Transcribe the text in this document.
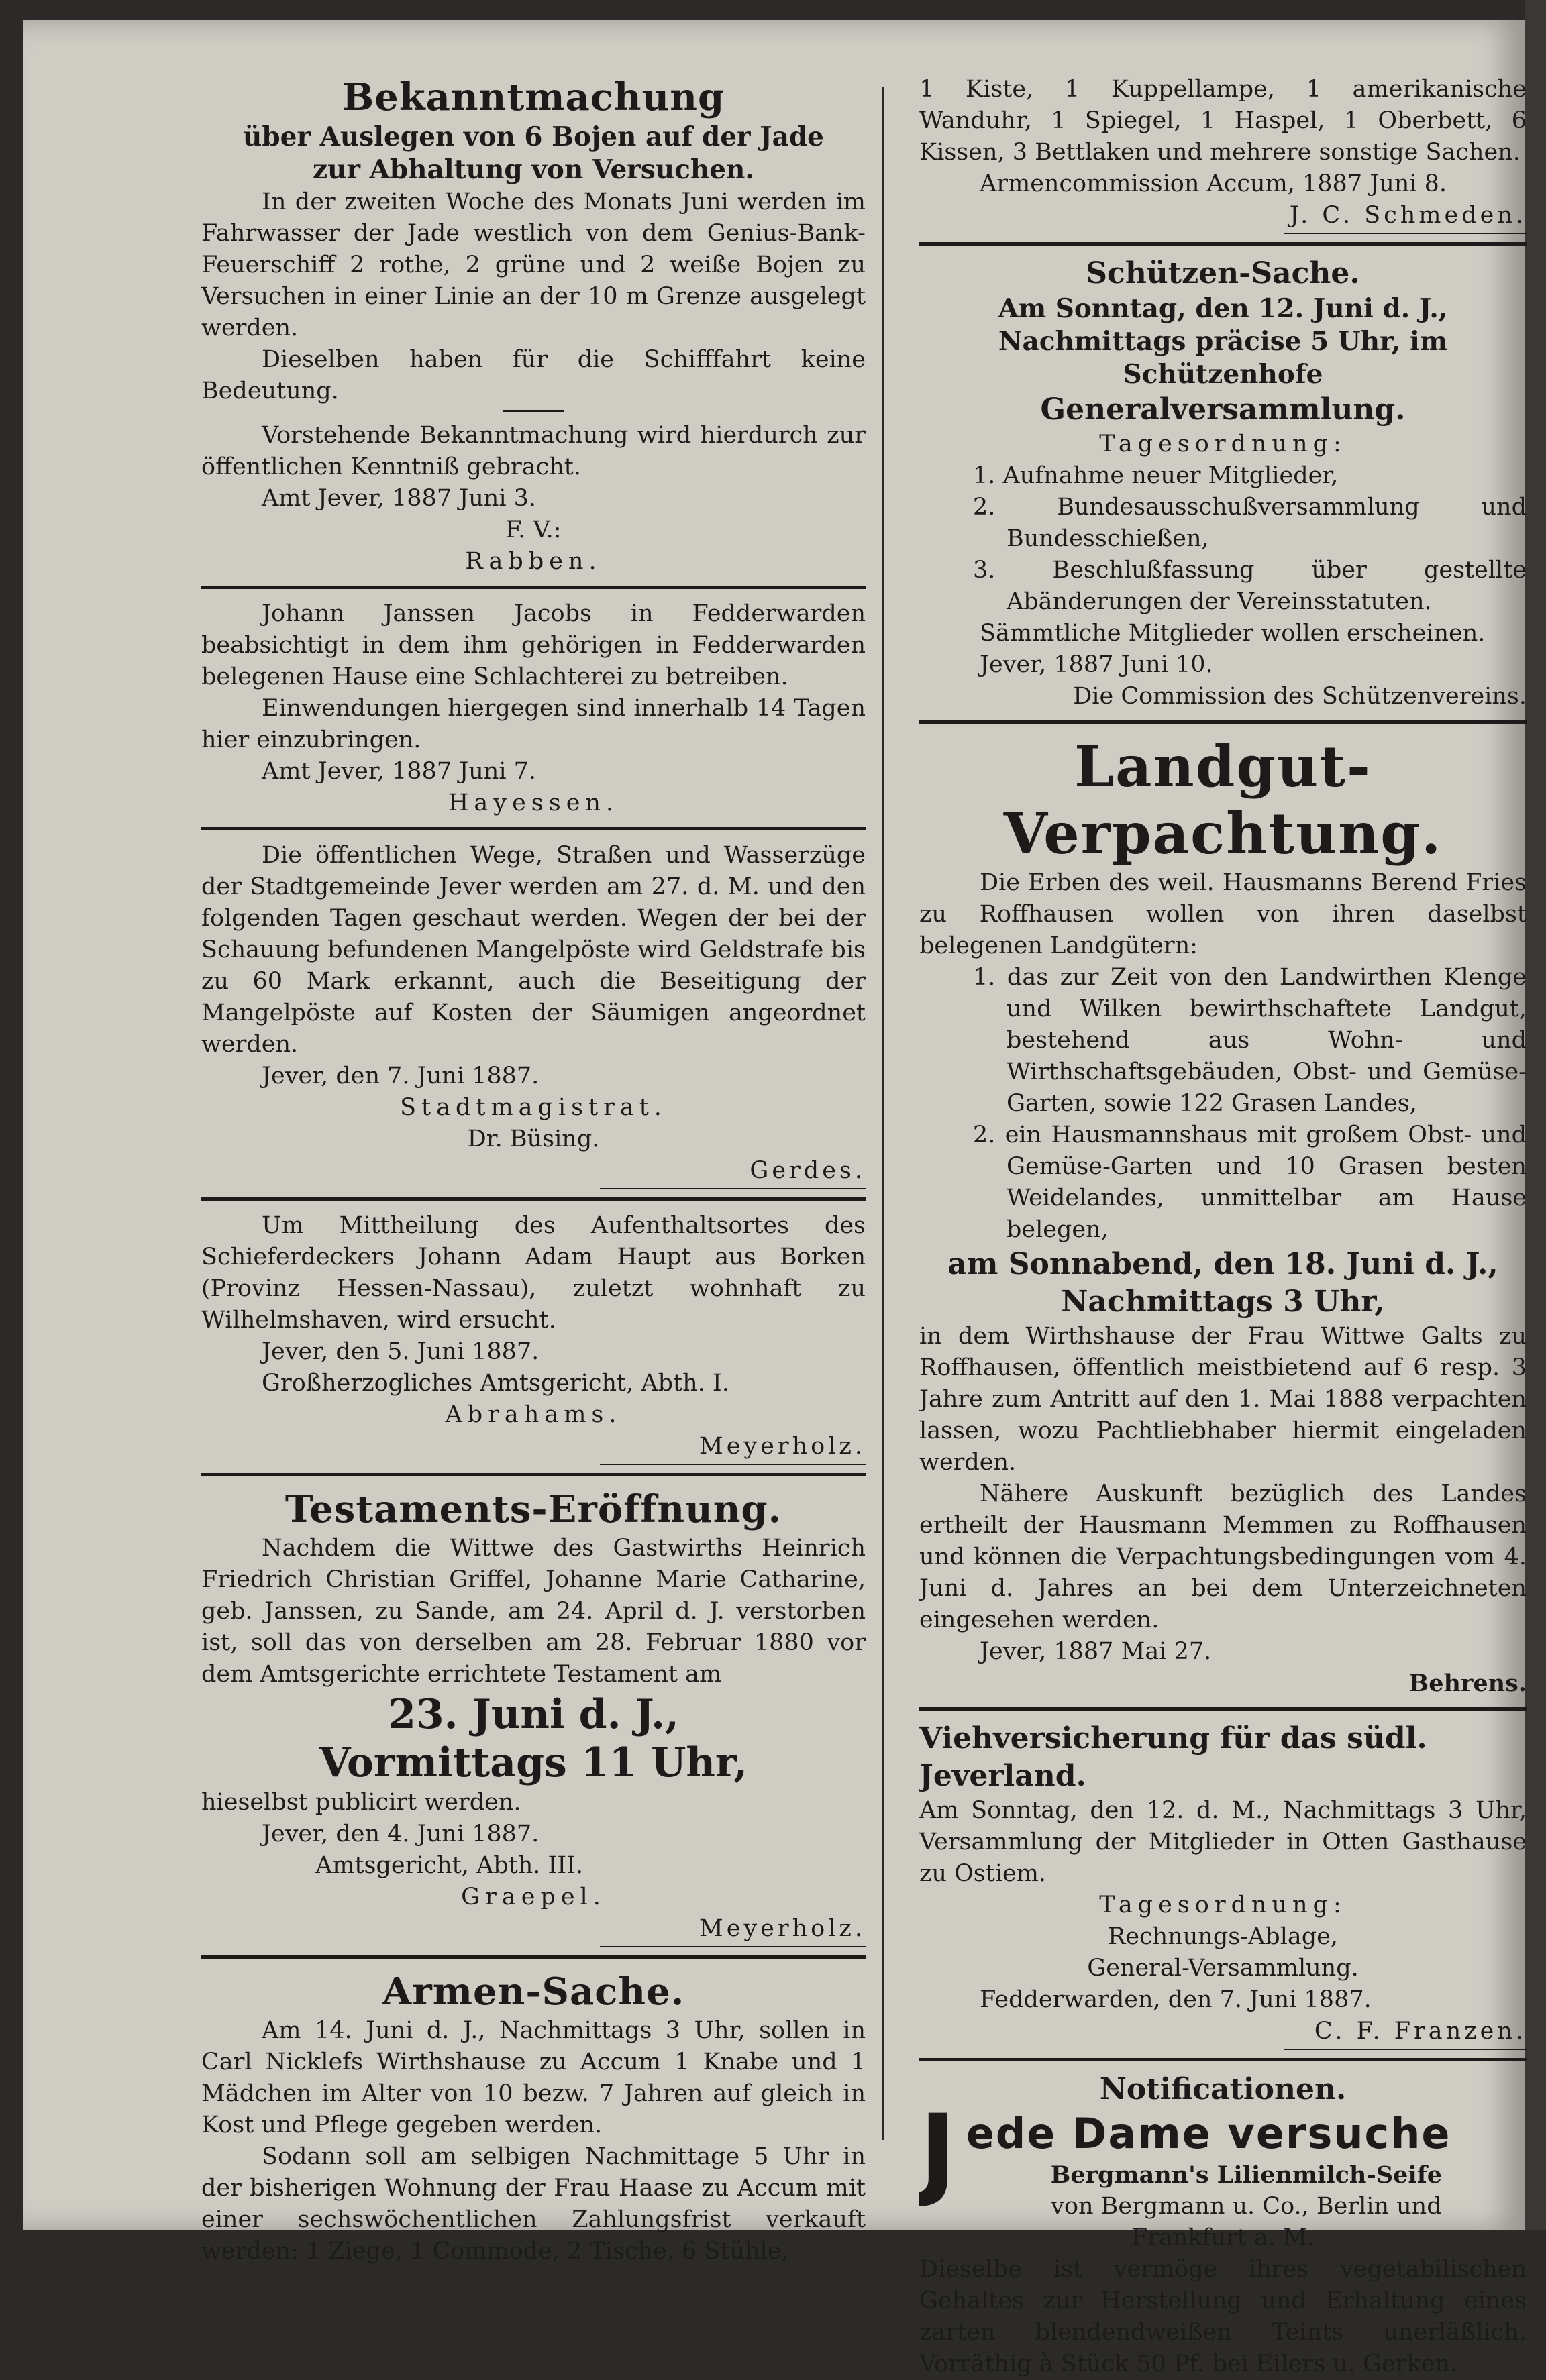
Bekanntmachung
über Auslegen von 6 Bojen auf der Jade
zur Abhaltung von Versuchen.
In der zweiten Woche des Monats Juni werden im Fahrwasser der Jade westlich von dem Genius-Bank-Feuerschiff 2 rothe, 2 grüne und 2 weiße Bojen zu Versuchen in einer Linie an der 10 m Grenze ausgelegt werden.
Dieselben haben für die Schifffahrt keine Bedeutung.
Vorstehende Bekanntmachung wird hierdurch zur öffentlichen Kenntniß gebracht.
Amt Jever, 1887 Juni 3.
F. V.:
Rabben.
Johann Janssen Jacobs in Fedderwarden beabsichtigt in dem ihm gehörigen in Fedderwarden belegenen Hause eine Schlachterei zu betreiben.
Einwendungen hiergegen sind innerhalb 14 Tagen hier einzubringen.
Amt Jever, 1887 Juni 7.
Hayessen.
Die öffentlichen Wege, Straßen und Wasserzüge der Stadtgemeinde Jever werden am 27. d. M. und den folgenden Tagen geschaut werden. Wegen der bei der Schauung befundenen Mangelpöste wird Geldstrafe bis zu 60 Mark erkannt, auch die Beseitigung der Mangelpöste auf Kosten der Säumigen angeordnet werden.
Jever, den 7. Juni 1887.
Stadtmagistrat.
Dr. Büsing.
Gerdes.
Um Mittheilung des Aufenthaltsortes des Schieferdeckers Johann Adam Haupt aus Borken (Provinz Hessen-Nassau), zuletzt wohnhaft zu Wilhelmshaven, wird ersucht.
Jever, den 5. Juni 1887.
Großherzogliches Amtsgericht, Abth. I.
Abrahams.
Meyerholz.
Testaments-Eröffnung.
Nachdem die Wittwe des Gastwirths Heinrich Friedrich Christian Griffel, Johanne Marie Catharine, geb. Janssen, zu Sande, am 24. April d. J. verstorben ist, soll das von derselben am 28. Februar 1880 vor dem Amtsgerichte errichtete Testament am
23. Juni d. J.,
Vormittags 11 Uhr,
hieselbst publicirt werden.
Jever, den 4. Juni 1887.
Amtsgericht, Abth. III.
Graepel.
Meyerholz.
Armen-Sache.
Am 14. Juni d. J., Nachmittags 3 Uhr, sollen in Carl Nicklefs Wirthshause zu Accum 1 Knabe und 1 Mädchen im Alter von 10 bezw. 7 Jahren auf gleich in Kost und Pflege gegeben werden.
Sodann soll am selbigen Nachmittage 5 Uhr in der bisherigen Wohnung der Frau Haase zu Accum mit einer sechswöchentlichen Zahlungsfrist verkauft werden: 1 Ziege, 1 Commode, 2 Tische, 6 Stühle,
1 Kiste, 1 Kuppellampe, 1 amerikanische Wanduhr, 1 Spiegel, 1 Haspel, 1 Oberbett, 6 Kissen, 3 Bettlaken und mehrere sonstige Sachen.
Armencommission Accum, 1887 Juni 8.
J. C. Schmeden.
Schützen-Sache.
Am Sonntag, den 12. Juni d. J.,
Nachmittags präcise 5 Uhr, im Schützenhofe
Generalversammlung.
Tagesordnung:
1. Aufnahme neuer Mitglieder,
2. Bundesausschußversammlung und Bundesschießen,
3. Beschlußfassung über gestellte Abänderungen der Vereinsstatuten.
Sämmtliche Mitglieder wollen erscheinen.
Jever, 1887 Juni 10.
Die Commission des Schützenvereins.
Landgut-Verpachtung.
Die Erben des weil. Hausmanns Berend Fries zu Roffhausen wollen von ihren daselbst belegenen Landgütern:
1. das zur Zeit von den Landwirthen Klenge und Wilken bewirthschaftete Landgut, bestehend aus Wohn- und Wirthschaftsgebäuden, Obst- und Gemüse-Garten, sowie 122 Grasen Landes,
2. ein Hausmannshaus mit großem Obst- und Gemüse-Garten und 10 Grasen besten Weidelandes, unmittelbar am Hause belegen,
am Sonnabend, den 18. Juni d. J.,
Nachmittags 3 Uhr,
in dem Wirthshause der Frau Wittwe Galts zu Roffhausen, öffentlich meistbietend auf 6 resp. 3 Jahre zum Antritt auf den 1. Mai 1888 verpachten lassen, wozu Pachtliebhaber hiermit eingeladen werden.
Nähere Auskunft bezüglich des Landes ertheilt der Hausmann Memmen zu Roffhausen und können die Verpachtungsbedingungen vom 4. Juni d. Jahres an bei dem Unterzeichneten eingesehen werden.
Jever, 1887 Mai 27.
Behrens.
Viehversicherung für das südl. Jeverland.
Am Sonntag, den 12. d. M., Nachmittags 3 Uhr, Versammlung der Mitglieder in Otten Gasthause zu Ostiem.
Tagesordnung:
Rechnungs-Ablage,
General-Versammlung.
Fedderwarden, den 7. Juni 1887.
C. F. Franzen.
Notificationen.
J ede Dame versuche
Bergmann's Lilienmilch-Seife
von Bergmann u. Co., Berlin und
Frankfurt a. M.
Dieselbe ist vermöge ihres vegetabilischen Gehaltes zur Herstellung und Erhaltung eines zarten blendendweißen Teints unerläßlich. Vorräthig à Stück 50 Pf. bei Eilers u. Gerken.
